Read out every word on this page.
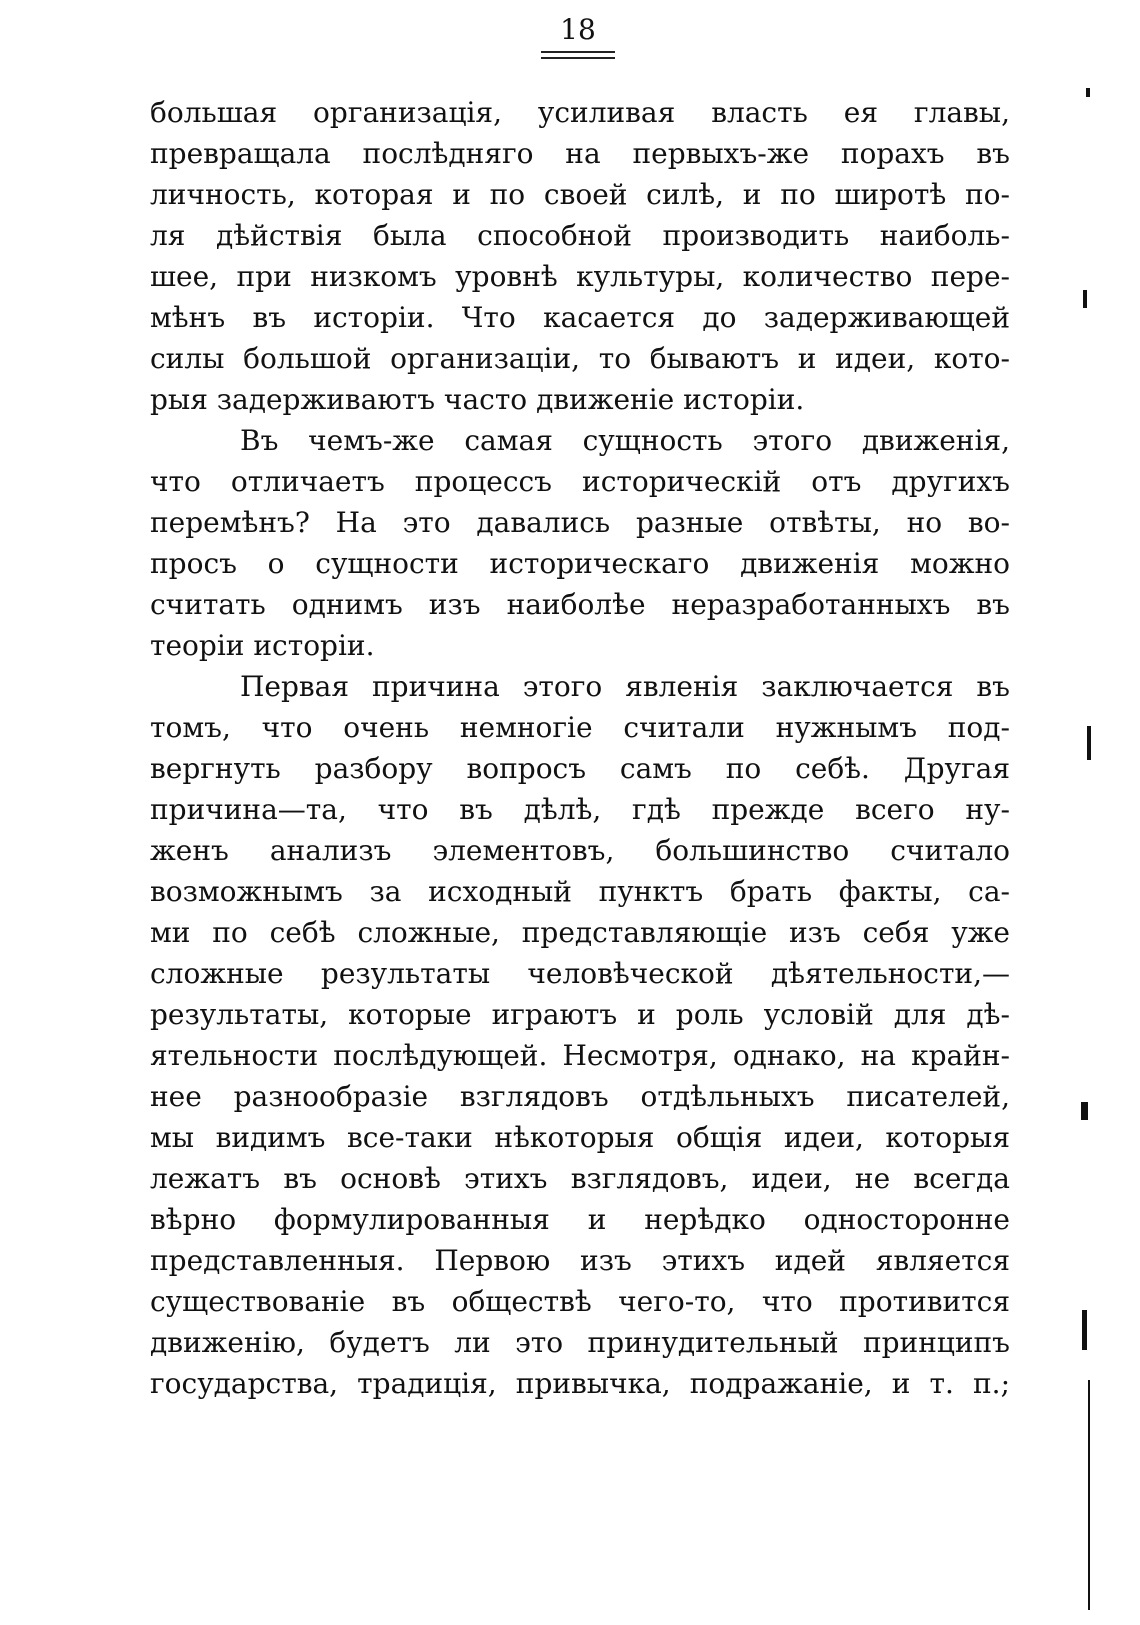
18
большая организація, усиливая власть ея главы,
превращала послѣдняго на первыхъ-же порахъ въ
личность, которая и по своей силѣ, и по широтѣ по-
ля дѣйствія была способной производить наиболь-
шее, при низкомъ уровнѣ культуры, количество пере-
мѣнъ въ исторіи. Что касается до задерживающей
силы большой организаціи, то бываютъ и идеи, кото-
рыя задерживаютъ часто движеніе исторіи.
Въ чемъ-же самая сущность этого движенія,
что отличаетъ процессъ историческій отъ другихъ
перемѣнъ? На это давались разные отвѣты, но во-
просъ о сущности историческаго движенія можно
считать однимъ изъ наиболѣе неразработанныхъ въ
теоріи исторіи.
Первая причина этого явленія заключается въ
томъ, что очень немногіе считали нужнымъ под-
вергнуть разбору вопросъ самъ по себѣ. Другая
причина—та, что въ дѣлѣ, гдѣ прежде всего ну-
женъ анализъ элементовъ, большинство считало
возможнымъ за исходный пунктъ брать факты, са-
ми по себѣ сложные, представляющіе изъ себя уже
сложные результаты человѣческой дѣятельности,—
результаты, которые играютъ и роль условій для дѣ-
ятельности послѣдующей. Несмотря, однако, на крайн-
нее разнообразіе взглядовъ отдѣльныхъ писателей,
мы видимъ все-таки нѣкоторыя общія идеи, которыя
лежатъ въ основѣ этихъ взглядовъ, идеи, не всегда
вѣрно формулированныя и нерѣдко односторонне
представленныя. Первою изъ этихъ идей является
существованіе въ обществѣ чего-то, что противится
движенію, будетъ ли это принудительный принципъ
государства, традиція, привычка, подражаніе, и т. п.;
